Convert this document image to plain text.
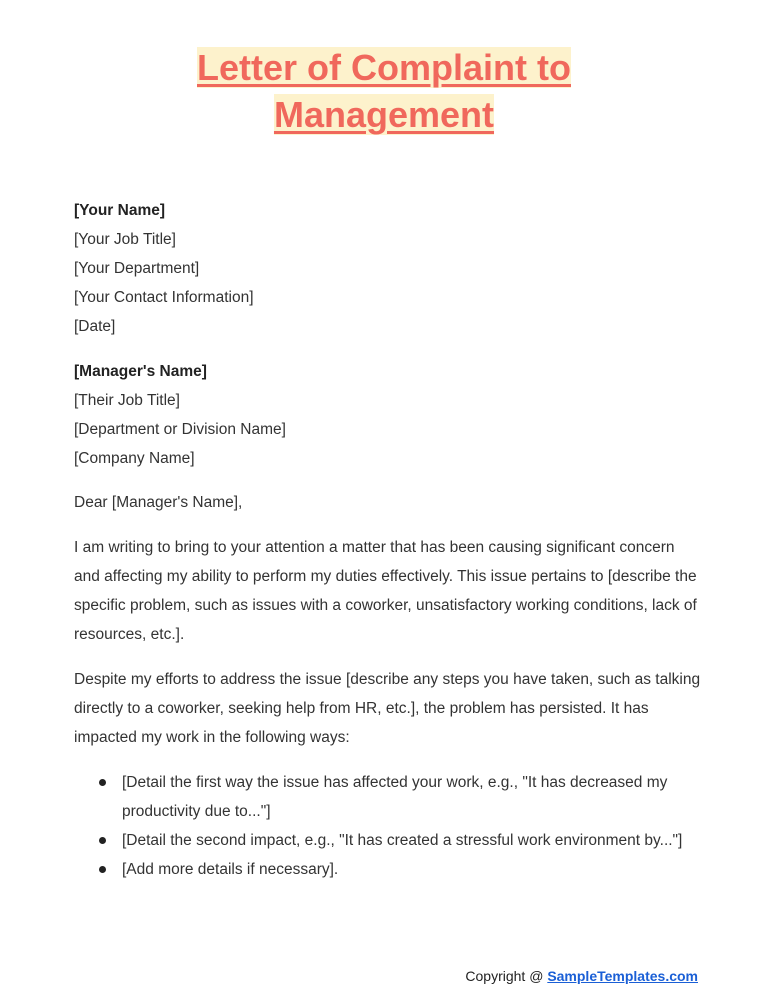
Letter of Complaint to
Management
[Your Name]
[Your Job Title]
[Your Department]
[Your Contact Information]
[Date]
[Manager's Name]
[Their Job Title]
[Department or Division Name]
[Company Name]

Dear [Manager's Name],

I am writing to bring to your attention a matter that has been causing significant concern and affecting my ability to perform my duties effectively. This issue pertains to [describe the specific problem, such as issues with a coworker, unsatisfactory working conditions, lack of resources, etc.].

Despite my efforts to address the issue [describe any steps you have taken, such as talking directly to a coworker, seeking help from HR, etc.], the problem has persisted. It has impacted my work in the following ways:

[Detail the first way the issue has affected your work, e.g., "It has decreased my productivity due to..."]
[Detail the second impact, e.g., "It has created a stressful work environment by..."]
[Add more details if necessary].
Copyright @ SampleTemplates.com
